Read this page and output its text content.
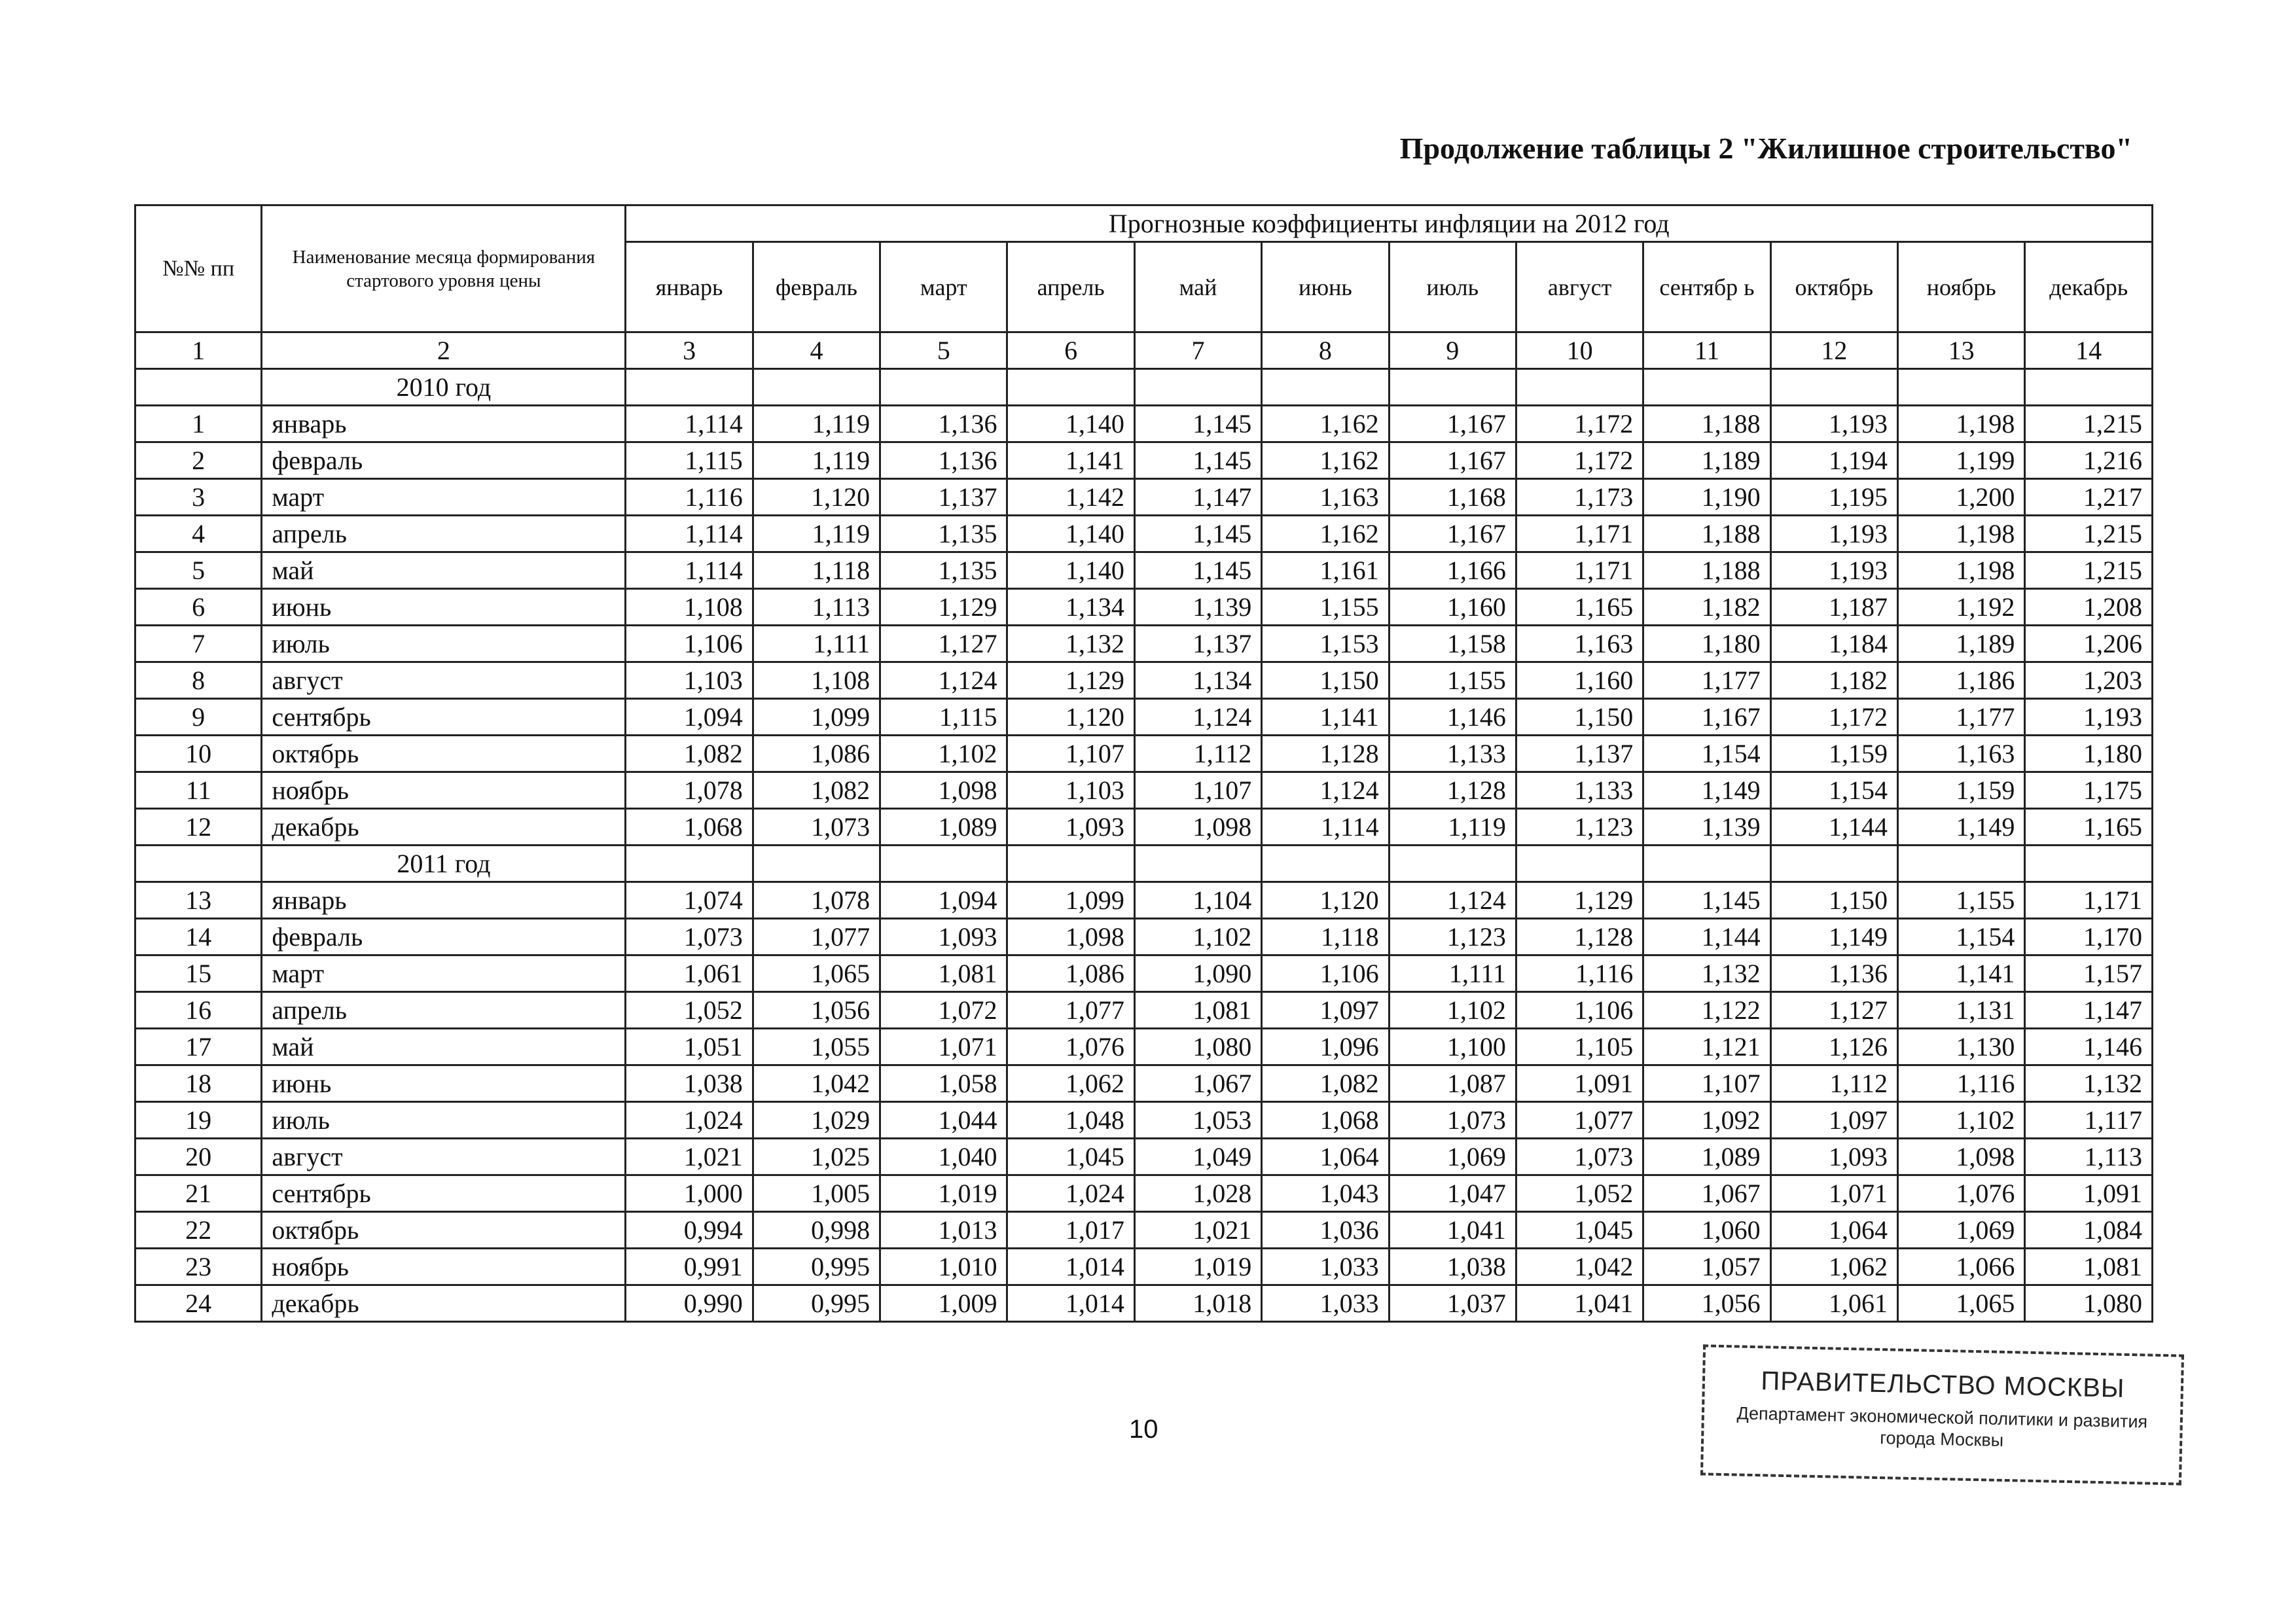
Продолжение таблицы 2 "Жилишное строительство"
№№ пп	Наименование месяца формирования стартового уровня цены	Прогнозные коэффициенты инфляции на 2012 год											
		январь	февраль	март	апрель	май	июнь	июль	август	сентябр ь	октябрь	ноябрь	декабрь
1	2	3	4	5	6	7	8	9	10	11	12	13	14
	2010 год												
1	январь	1,114	1,119	1,136	1,140	1,145	1,162	1,167	1,172	1,188	1,193	1,198	1,215
2	февраль	1,115	1,119	1,136	1,141	1,145	1,162	1,167	1,172	1,189	1,194	1,199	1,216
3	март	1,116	1,120	1,137	1,142	1,147	1,163	1,168	1,173	1,190	1,195	1,200	1,217
4	апрель	1,114	1,119	1,135	1,140	1,145	1,162	1,167	1,171	1,188	1,193	1,198	1,215
5	май	1,114	1,118	1,135	1,140	1,145	1,161	1,166	1,171	1,188	1,193	1,198	1,215
6	июнь	1,108	1,113	1,129	1,134	1,139	1,155	1,160	1,165	1,182	1,187	1,192	1,208
7	июль	1,106	1,111	1,127	1,132	1,137	1,153	1,158	1,163	1,180	1,184	1,189	1,206
8	август	1,103	1,108	1,124	1,129	1,134	1,150	1,155	1,160	1,177	1,182	1,186	1,203
9	сентябрь	1,094	1,099	1,115	1,120	1,124	1,141	1,146	1,150	1,167	1,172	1,177	1,193
10	октябрь	1,082	1,086	1,102	1,107	1,112	1,128	1,133	1,137	1,154	1,159	1,163	1,180
11	ноябрь	1,078	1,082	1,098	1,103	1,107	1,124	1,128	1,133	1,149	1,154	1,159	1,175
12	декабрь	1,068	1,073	1,089	1,093	1,098	1,114	1,119	1,123	1,139	1,144	1,149	1,165
	2011 год												
13	январь	1,074	1,078	1,094	1,099	1,104	1,120	1,124	1,129	1,145	1,150	1,155	1,171
14	февраль	1,073	1,077	1,093	1,098	1,102	1,118	1,123	1,128	1,144	1,149	1,154	1,170
15	март	1,061	1,065	1,081	1,086	1,090	1,106	1,111	1,116	1,132	1,136	1,141	1,157
16	апрель	1,052	1,056	1,072	1,077	1,081	1,097	1,102	1,106	1,122	1,127	1,131	1,147
17	май	1,051	1,055	1,071	1,076	1,080	1,096	1,100	1,105	1,121	1,126	1,130	1,146
18	июнь	1,038	1,042	1,058	1,062	1,067	1,082	1,087	1,091	1,107	1,112	1,116	1,132
19	июль	1,024	1,029	1,044	1,048	1,053	1,068	1,073	1,077	1,092	1,097	1,102	1,117
20	август	1,021	1,025	1,040	1,045	1,049	1,064	1,069	1,073	1,089	1,093	1,098	1,113
21	сентябрь	1,000	1,005	1,019	1,024	1,028	1,043	1,047	1,052	1,067	1,071	1,076	1,091
22	октябрь	0,994	0,998	1,013	1,017	1,021	1,036	1,041	1,045	1,060	1,064	1,069	1,084
23	ноябрь	0,991	0,995	1,010	1,014	1,019	1,033	1,038	1,042	1,057	1,062	1,066	1,081
24	декабрь	0,990	0,995	1,009	1,014	1,018	1,033	1,037	1,041	1,056	1,061	1,065	1,080
10
ПРАВИТЕЛЬСТВО МОСКВЫ
Департамент экономической политики и развития
города Москвы
